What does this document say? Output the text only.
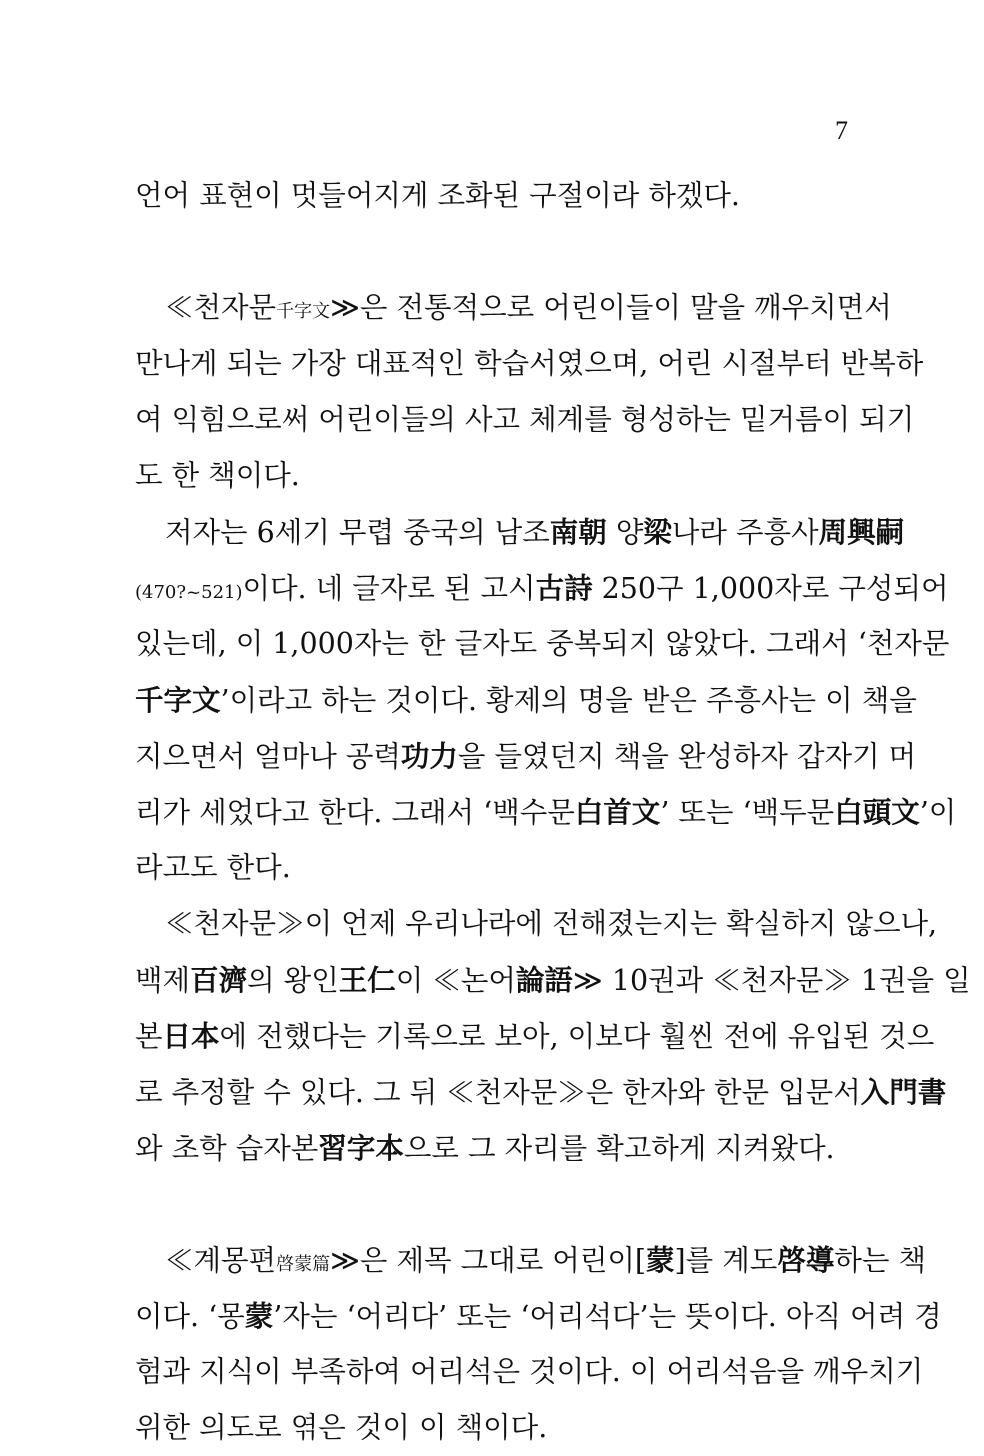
7
언어 표현이 멋들어지게 조화된 구절이라 하겠다.
≪천자문千字文≫은 전통적으로 어린이들이 말을 깨우치면서
만나게 되는 가장 대표적인 학습서였으며, 어린 시절부터 반복하
여 익힘으로써 어린이들의 사고 체계를 형성하는 밑거름이 되기
도 한 책이다.
저자는 6세기 무렵 중국의 남조南朝 양梁나라 주흥사周興嗣
(470?~521)이다. 네 글자로 된 고시古詩 250구 1,000자로 구성되어
있는데, 이 1,000자는 한 글자도 중복되지 않았다. 그래서 ‘천자문
千字文’이라고 하는 것이다. 황제의 명을 받은 주흥사는 이 책을
지으면서 얼마나 공력功力을 들였던지 책을 완성하자 갑자기 머
리가 세었다고 한다. 그래서 ‘백수문白首文’ 또는 ‘백두문白頭文’이
라고도 한다.
≪천자문≫이 언제 우리나라에 전해졌는지는 확실하지 않으나,
백제百濟의 왕인王仁이 ≪논어論語≫ 10권과 ≪천자문≫ 1권을 일
본日本에 전했다는 기록으로 보아, 이보다 훨씬 전에 유입된 것으
로 추정할 수 있다. 그 뒤 ≪천자문≫은 한자와 한문 입문서入門書
와 초학 습자본習字本으로 그 자리를 확고하게 지켜왔다.
≪계몽편啓蒙篇≫은 제목 그대로 어린이[蒙]를 계도啓導하는 책
이다. ‘몽蒙’자는 ‘어리다’ 또는 ‘어리석다’는 뜻이다. 아직 어려 경
험과 지식이 부족하여 어리석은 것이다. 이 어리석음을 깨우치기
위한 의도로 엮은 것이 이 책이다.
